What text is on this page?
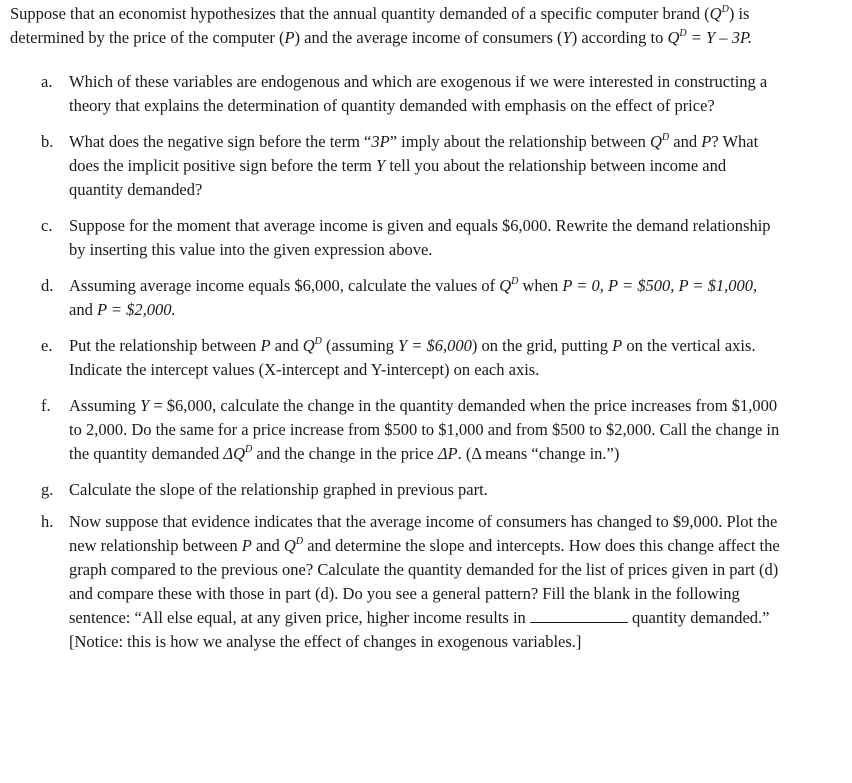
Suppose that an economist hypothesizes that the annual quantity demanded of a specific computer brand $(Q^D)$ is determined by the price of the computer (P) and the average income of consumers (Y) according to $Q^D = Y - 3P$.

a.	Which of these variables are endogenous and which are exogenous if we were interested in constructing a theory that explains the determination of quantity demanded with emphasis on the effect of price?
b. What does the negative sign before the term “3P” imply about the relationship between $Q^D$ and P? What does the implicit positive sign before the term Y tell you about the relationship between income and quantity demanded?
c.	Suppose for the moment that average income is given and equals $6,000. Rewrite the demand relationship by inserting this value into the given expression above.
d. Assuming average income equals $6,000, calculate the values of $Q^D$ when P = 0, P = $500, P = $1,000, and P = $2,000.
e.	Put the relationship between P and $Q^D$ (assuming Y = $6,000) on the grid, putting P on the vertical axis. Indicate the intercept values (X-intercept and Y-intercept) on each axis.
f.	Assuming Y = $6,000, calculate the change in the quantity demanded when the price increases from $1,000 to 2,000. Do the same for a price increase from $500 to $1,000 and from $500 to $2,000. Call the change in the quantity demanded $\Delta Q^D$ and the change in the price ΔP. (Δ means “change in.”)
g. Calculate the slope of the relationship graphed in previous part.
h. Now suppose that evidence indicates that the average income of consumers has changed to $9,000. Plot the new relationship between P and $Q^D$ and determine the slope and intercepts. How does this change affect the graph compared to the previous one? Calculate the quantity demanded for the list of prices given in part (d) and compare these with those in part (d). Do you see a general pattern? Fill the blank in the following sentence: “All else equal, at any given price, higher income results in	quantity demanded.” [Notice: this is how we analyse the effect of changes in exogenous variables.]
